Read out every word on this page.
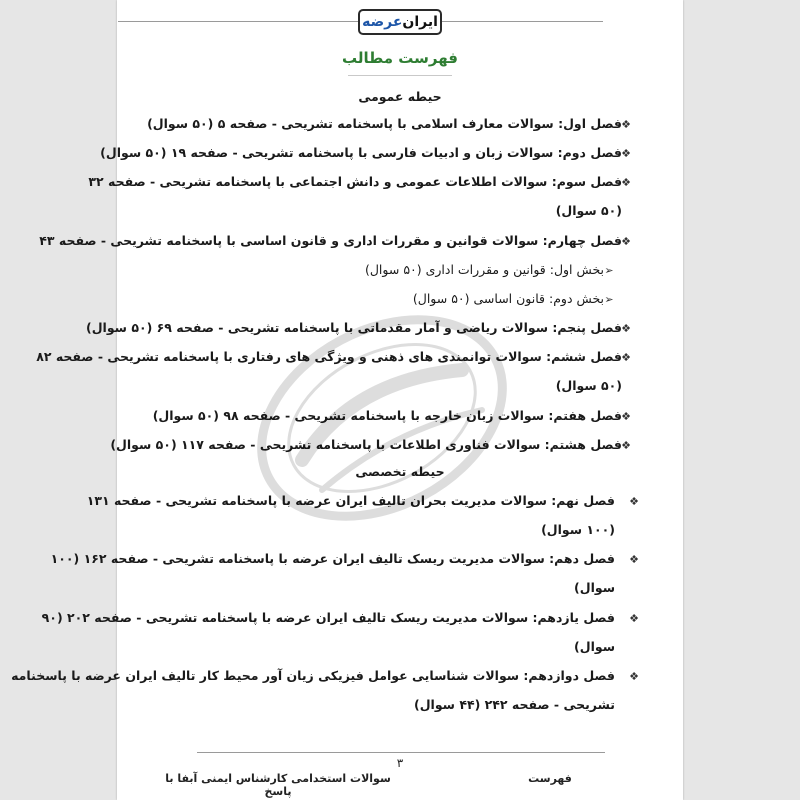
ایران
عرضه
فهرست مطالب
حیطه عمومی
❖
فصل اول: سوالات معارف اسلامی با پاسخنامه تشریحی - صفحه ۵ (۵۰ سوال)
❖
فصل دوم: سوالات زبان و ادبیات فارسی با پاسخنامه تشریحی - صفحه ۱۹ (۵۰ سوال)
❖
فصل سوم: سوالات اطلاعات عمومی و دانش اجتماعی با پاسخنامه تشریحی - صفحه ۳۲
(۵۰ سوال)
❖
فصل چهارم: سوالات قوانین و مقررات اداری و قانون اساسی با پاسخنامه تشریحی - صفحه ۴۳
➢
بخش اول: قوانین و مقررات اداری (۵۰ سوال)
➢
بخش دوم: قانون اساسی (۵۰ سوال)
❖
فصل پنجم: سوالات ریاضی و آمار مقدماتی با پاسخنامه تشریحی - صفحه ۶۹ (۵۰ سوال)
❖
فصل ششم: سوالات توانمندی های ذهنی و ویژگی های رفتاری با پاسخنامه تشریحی - صفحه ۸۲
(۵۰ سوال)
❖
فصل هفتم: سوالات زبان خارجه با پاسخنامه تشریحی - صفحه ۹۸ (۵۰ سوال)
❖
فصل هشتم: سوالات فناوری اطلاعات با پاسخنامه تشریحی - صفحه ۱۱۷ (۵۰ سوال)
حیطه تخصصی
❖
فصل نهم: سوالات مدیریت بحران تالیف ایران عرضه با پاسخنامه تشریحی - صفحه ۱۳۱
(۱۰۰ سوال)
❖
فصل دهم: سوالات مدیریت ریسک تالیف ایران عرضه با پاسخنامه تشریحی - صفحه ۱۶۲ (۱۰۰
سوال)
❖
فصل یازدهم: سوالات مدیریت ریسک تالیف ایران عرضه با پاسخنامه تشریحی - صفحه ۲۰۲ (۹۰
سوال)
❖
فصل دوازدهم: سوالات شناسایی عوامل فیزیکی زیان آور محیط کار تالیف ایران عرضه با پاسخنامه
تشریحی - صفحه ۲۴۲ (۴۴ سوال)
۳
سوالات استخدامی کارشناس ایمنی آبفا با پاسخ
فهرست
